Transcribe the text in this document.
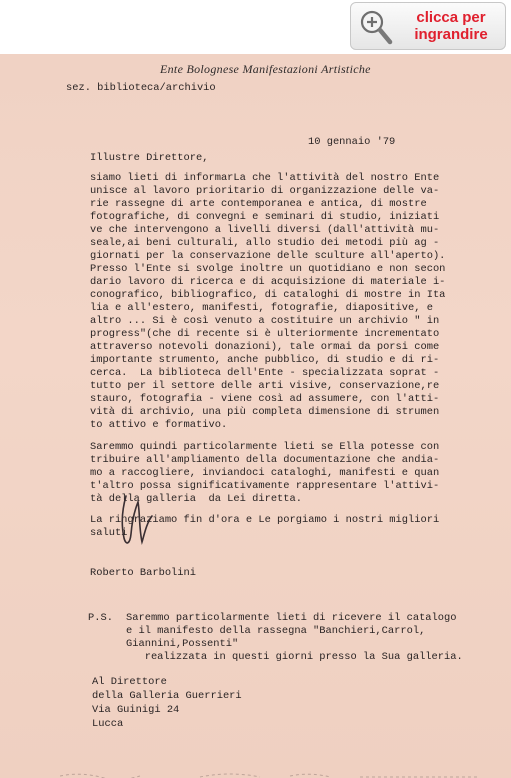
clicca per
ingrandire
Ente Bolognese Manifestazioni Artistiche
sez. biblioteca/archivio
10 gennaio '79
Illustre Direttore,
siamo lieti di informarLa che l'attività del nostro Ente
unisce al lavoro prioritario di organizzazione delle va-
rie rassegne di arte contemporanea e antica, di mostre
fotografiche, di convegni e seminari di studio, iniziati
ve che intervengono a livelli diversi (dall'attività mu-
seale,ai beni culturali, allo studio dei metodi più ag -
giornati per la conservazione delle sculture all'aperto).
Presso l'Ente si svolge inoltre un quotidiano e non secon
dario lavoro di ricerca e di acquisizione di materiale i-
conografico, bibliografico, di cataloghi di mostre in Ita
lia e all'estero, manifesti, fotografie, diapositive, e
altro ... Si è così venuto a costituire un archivio " in
progress"(che di recente si è ulteriormente incrementato
attraverso notevoli donazioni), tale ormai da porsi come
importante strumento, anche pubblico, di studio e di ri-
cerca.  La biblioteca dell'Ente - specializzata soprat -
tutto per il settore delle arti visive, conservazione,re
stauro, fotografia - viene così ad assumere, con l'atti-
vità di archivio, una più completa dimensione di strumen
to attivo e formativo.
Saremmo quindi particolarmente lieti se Ella potesse con
tribuire all'ampliamento della documentazione che andia-
mo a raccogliere, inviandoci cataloghi, manifesti e quan
t'altro possa significativamente rappresentare l'attivi-
tà della galleria  da Lei diretta.
La ringraziamo fin d'ora e Le porgiamo i nostri migliori
saluti
Roberto Barbolini
P.S. Saremmo particolarmente lieti di ricevere il catalogo
e il manifesto della rassegna "Banchieri,Carrol,
Giannini,Possenti"
realizzata in questi giorni presso la Sua galleria.
Al Direttore
della Galleria Guerrieri
Via Guinigi 24
Lucca
